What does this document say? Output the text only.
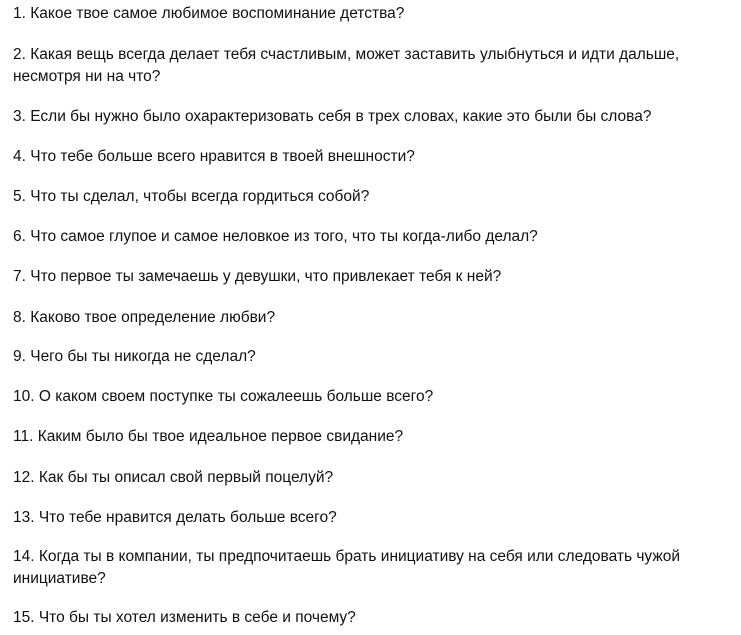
1. Какое твое самое любимое воспоминание детства?

2. Какая вещь всегда делает тебя счастливым, может заставить улыбнуться и идти дальше, несмотря ни на что?

3. Если бы нужно было охарактеризовать себя в трех словах, какие это были бы слова?

4. Что тебе больше всего нравится в твоей внешности?

5. Что ты сделал, чтобы всегда гордиться собой?

6. Что самое глупое и самое неловкое из того, что ты когда-либо делал?

7. Что первое ты замечаешь у девушки, что привлекает тебя к ней?

8. Каково твое определение любви?

9. Чего бы ты никогда не сделал?

10. О каком своем поступке ты сожалеешь больше всего?

11. Каким было бы твое идеальное первое свидание?

12. Как бы ты описал свой первый поцелуй?

13. Что тебе нравится делать больше всего?

14. Когда ты в компании, ты предпочитаешь брать инициативу на себя или следовать чужой инициативе?

15. Что бы ты хотел изменить в себе и почему?
